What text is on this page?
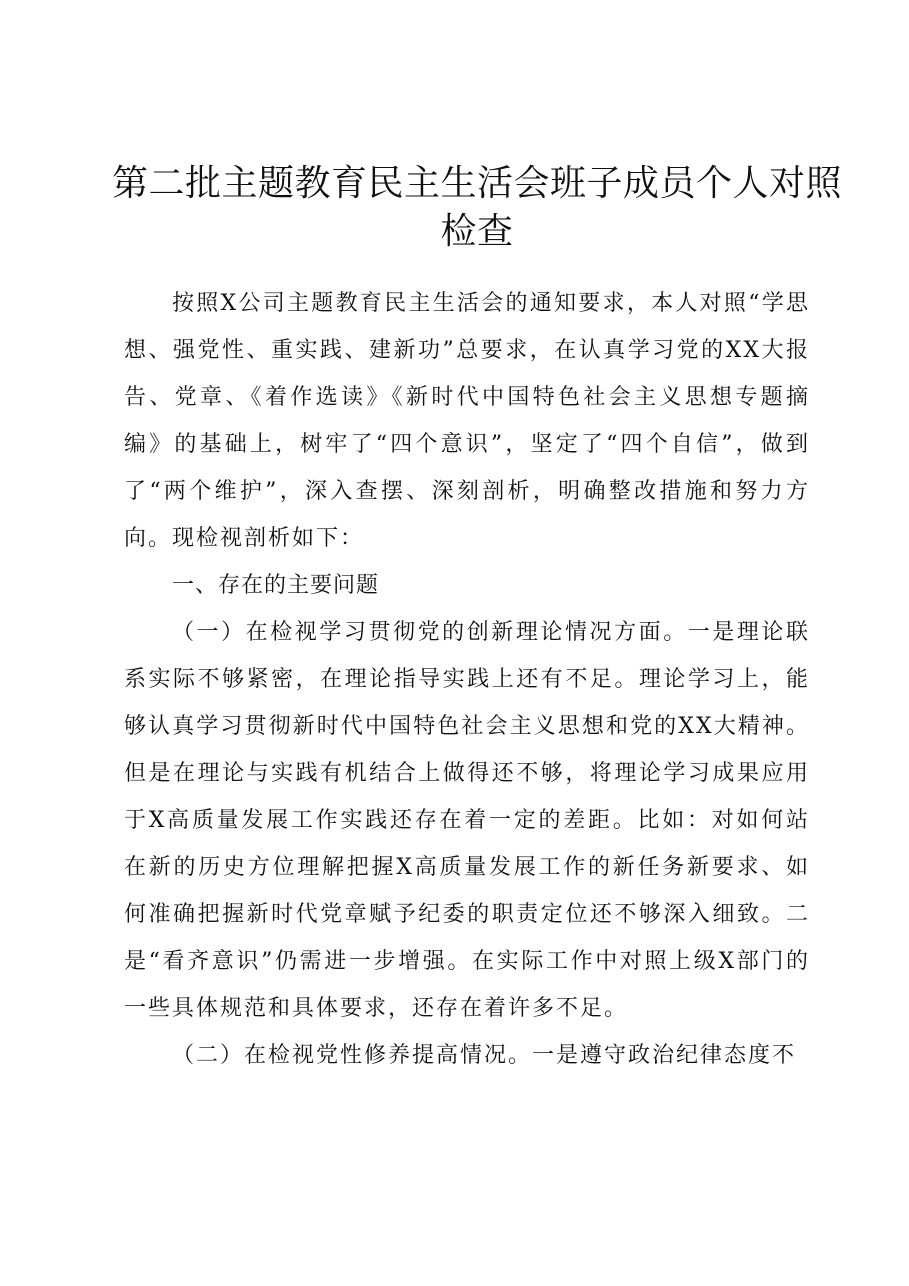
第二批主题教育民主生活会班子成员个人对照检查

按照X公司主题教育民主生活会的通知要求，本人对照“学思想、强党性、重实践、建新功”总要求，在认真学习党的XX大报告、党章、《着作选读》《新时代中国特色社会主义思想专题摘编》的基础上，树牢了“四个意识”，坚定了“四个自信”，做到了“两个维护”，深入查摆、深刻剖析，明确整改措施和努力方向。现检视剖析如下：

一、存在的主要问题

（一）在检视学习贯彻党的创新理论情况方面。一是理论联系实际不够紧密，在理论指导实践上还有不足。理论学习上，能够认真学习贯彻新时代中国特色社会主义思想和党的XX大精神。但是在理论与实践有机结合上做得还不够，将理论学习成果应用于X高质量发展工作实践还存在着一定的差距。比如：对如何站在新的历史方位理解把握X高质量发展工作的新任务新要求、如何准确把握新时代党章赋予纪委的职责定位还不够深入细致。二是“看齐意识”仍需进一步增强。在实际工作中对照上级X部门的一些具体规范和具体要求，还存在着许多不足。

（二）在检视党性修养提高情况。一是遵守政治纪律态度不
